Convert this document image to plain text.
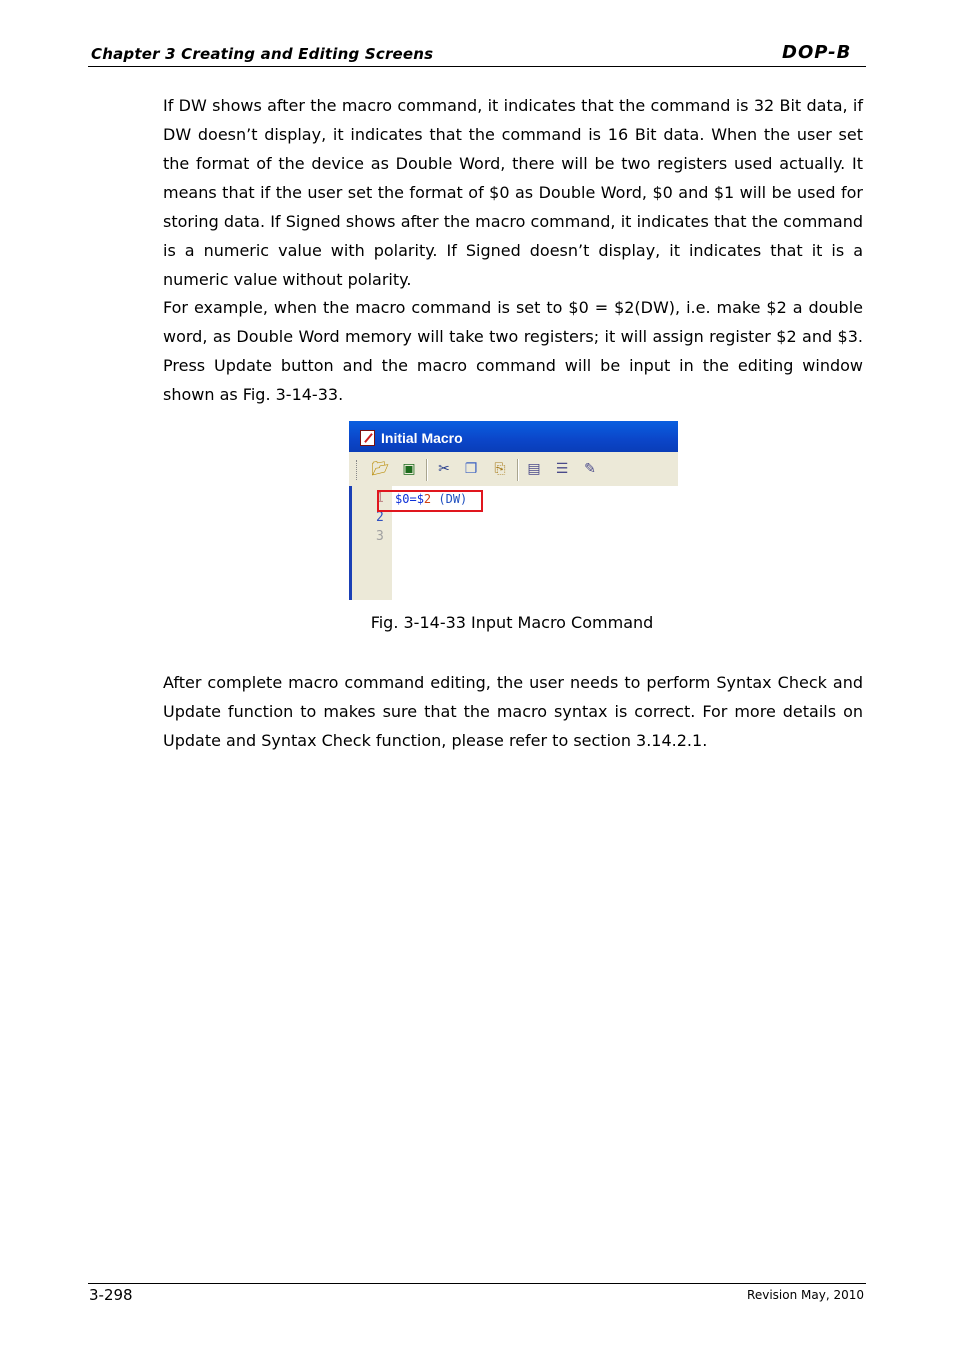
Chapter 3 Creating and Editing Screens	DOP-B

If DW shows after the macro command, it indicates that the command is 32 Bit data, if DW doesn’t display, it indicates that the command is 16 Bit data. When the user set the format of the device as Double Word, there will be two registers used actually. It means that if the user set the format of $0 as Double Word, $0 and $1 will be used for storing data. If Signed shows after the macro command, it indicates that the command is a numeric value with polarity. If Signed doesn’t display, it indicates that it is a numeric value without polarity.

For example, when the macro command is set to $0 = $2(DW), i.e. make $2 a double word, as Double Word memory will take two registers; it will assign register $2 and $3. Press Update button and the macro command will be input in the editing window shown as Fig. 3-14-33.

Initial Macro
📂︎ ▣ ✂ ❐ ⎘ ▤ ☰ ✎
1
2
3
$0=$2 (DW)
Fig. 3-14-33 Input Macro Command

After complete macro command editing, the user needs to perform Syntax Check and Update function to makes sure that the macro syntax is correct. For more details on Update and Syntax Check function, please refer to section 3.14.2.1.

3-298	Revision May, 2010
